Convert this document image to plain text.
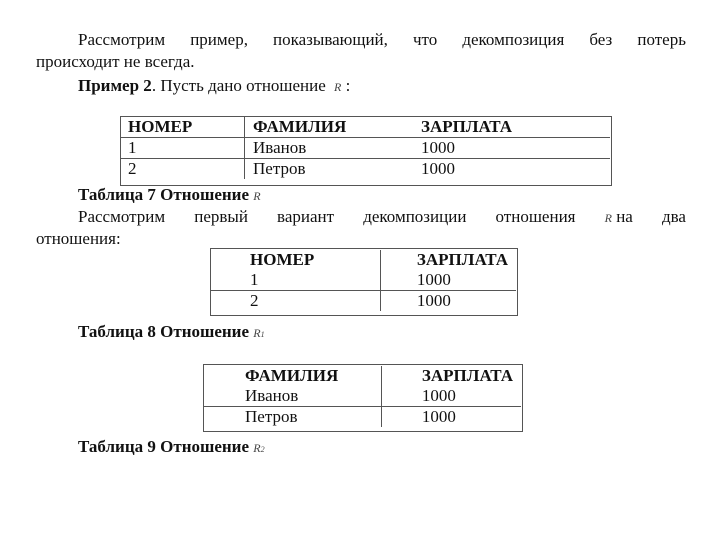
Рассмотрим пример, показывающий, что декомпозиция без потерь
происходит не всегда.
Пример 2. Пусть дано отношение R :
НОМЕР	ФАМИЛИЯ	ЗАРПЛАТА
1	Иванов	1000
2	Петров	1000
Таблица 7 Отношение R
Рассмотрим первый вариант декомпозиции отношения R на два
отношения:
НОМЕР	ЗАРПЛАТА
1	1000
2	1000
Таблица 8 Отношение R1
ФАМИЛИЯ	ЗАРПЛАТА
Иванов	1000
Петров	1000
Таблица 9 Отношение R2
